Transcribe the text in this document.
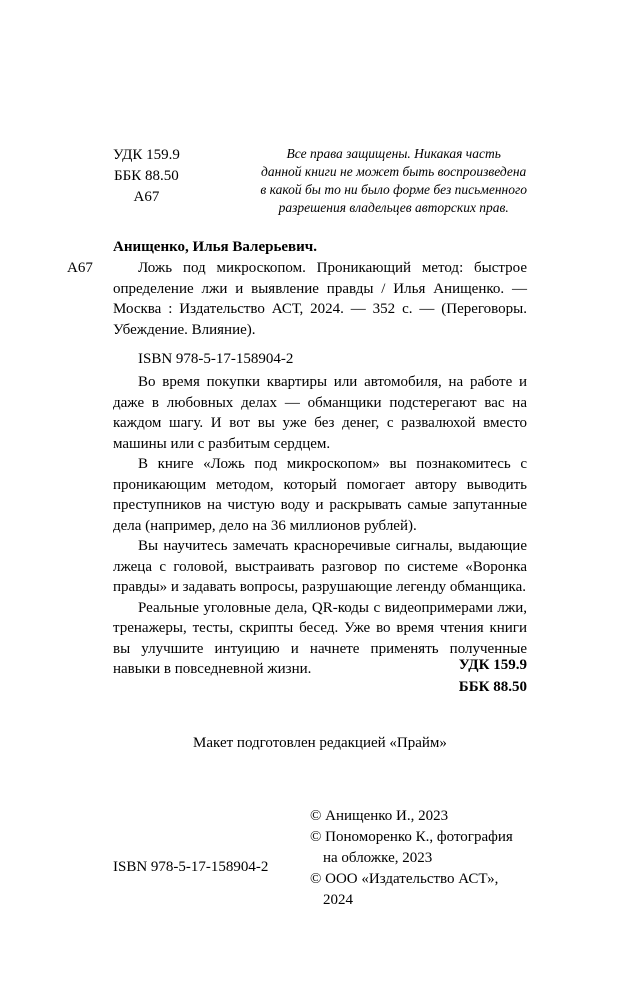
УДК 159.9
ББК 88.50
А67
Все права защищены. Никакая часть
данной книги не может быть воспроизведена
в какой бы то ни было форме без письменного
разрешения владельцев авторских прав.
Анищенко, Илья Валерьевич.
А67	Ложь под микроскопом. Проникающий метод: быстрое определение лжи и выявление правды / Илья Анищенко. — Москва : Издательство АСТ, 2024. — 352 с. — (Переговоры. Убеждение. Влияние).

ISBN 978-5-17-158904-2

Во время покупки квартиры или автомобиля, на работе и даже в любовных делах — обманщики подстерегают вас на каждом шагу. И вот вы уже без денег, с развалюхой вместо машины или с разбитым сердцем.

В книге «Ложь под микроскопом» вы познакомитесь с проникающим методом, который помогает автору выводить преступников на чистую воду и раскрывать самые запутанные дела (например, дело на 36 миллионов рублей).

Вы научитесь замечать красноречивые сигналы, выдающие лжеца с головой, выстраивать разговор по системе «Воронка правды» и задавать вопросы, разрушающие легенду обманщика.

Реальные уголовные дела, QR-коды с видеопримерами лжи, тренажеры, тесты, скрипты бесед. Уже во время чтения книги вы улучшите интуицию и начнете применять полученные навыки в повседневной жизни.	УДК 159.9
ББК 88.50
Макет подготовлен редакцией «Прайм»
ISBN 978-5-17-158904-2
© Анищенко И., 2023
© Пономоренко К., фотография на обложке, 2023
© ООО «Издательство АСТ», 2024
